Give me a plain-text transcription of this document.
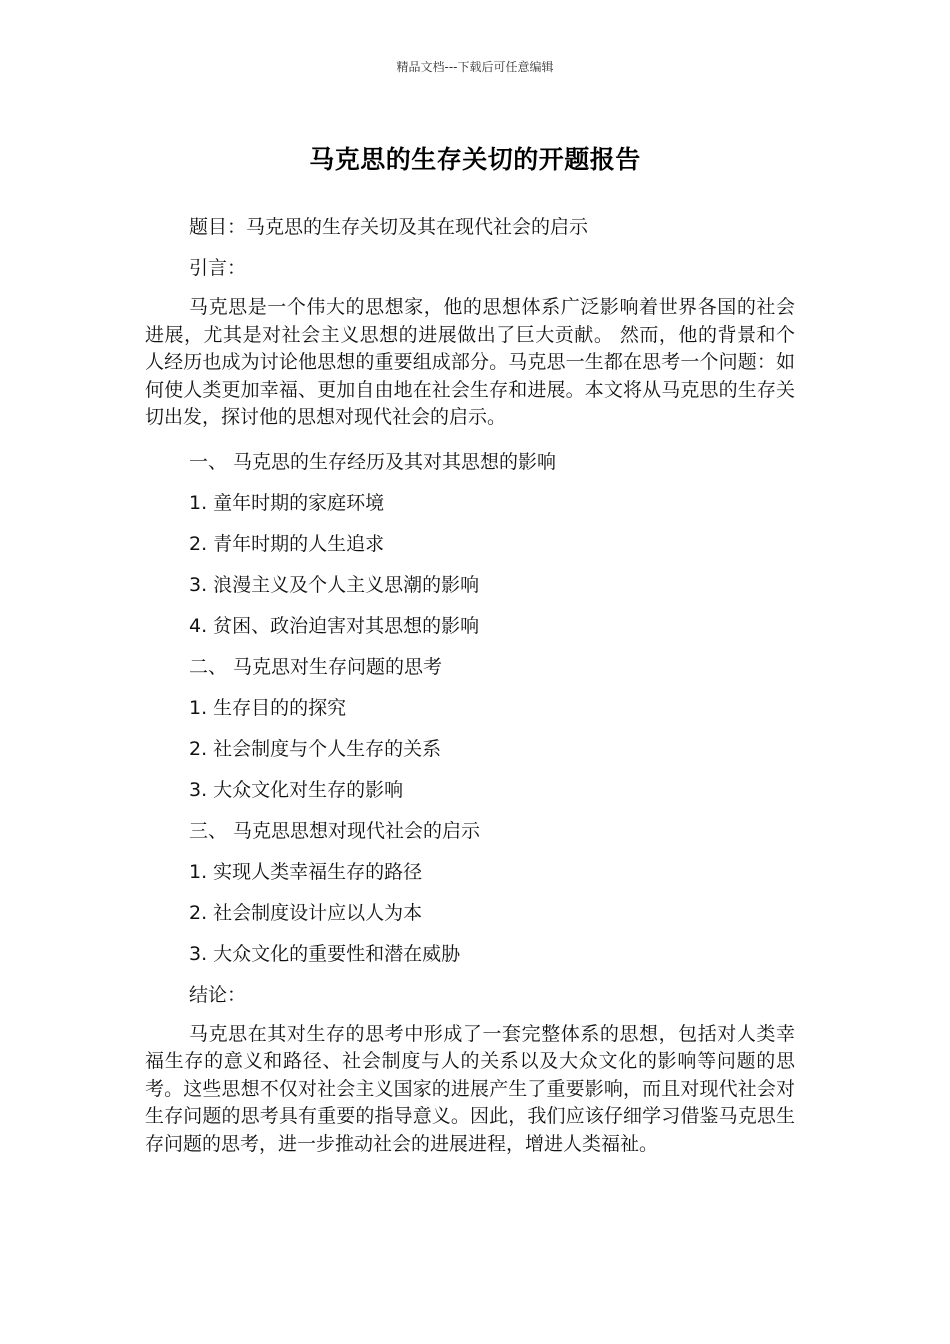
精品文档---下载后可任意编辑
马克思的生存关切的开题报告
题目：马克思的生存关切及其在现代社会的启示
引言：

马克思是一个伟大的思想家，他的思想体系广泛影响着世界各国的社会进展，尤其是对社会主义思想的进展做出了巨大贡献。 然而，他的背景和个人经历也成为讨论他思想的重要组成部分。马克思一生都在思考一个问题：如何使人类更加幸福、更加自由地在社会生存和进展。本文将从马克思的生存关切出发，探讨他的思想对现代社会的启示。

一、 马克思的生存经历及其对其思想的影响
1. 童年时期的家庭环境
2. 青年时期的人生追求
3. 浪漫主义及个人主义思潮的影响
4. 贫困、政治迫害对其思想的影响
二、 马克思对生存问题的思考
1. 生存目的的探究
2. 社会制度与个人生存的关系
3. 大众文化对生存的影响
三、 马克思思想对现代社会的启示
1. 实现人类幸福生存的路径
2. 社会制度设计应以人为本
3. 大众文化的重要性和潜在威胁
结论：

马克思在其对生存的思考中形成了一套完整体系的思想，包括对人类幸福生存的意义和路径、社会制度与人的关系以及大众文化的影响等问题的思考。这些思想不仅对社会主义国家的进展产生了重要影响，而且对现代社会对生存问题的思考具有重要的指导意义。因此，我们应该仔细学习借鉴马克思生存问题的思考，进一步推动社会的进展进程，增进人类福祉。
